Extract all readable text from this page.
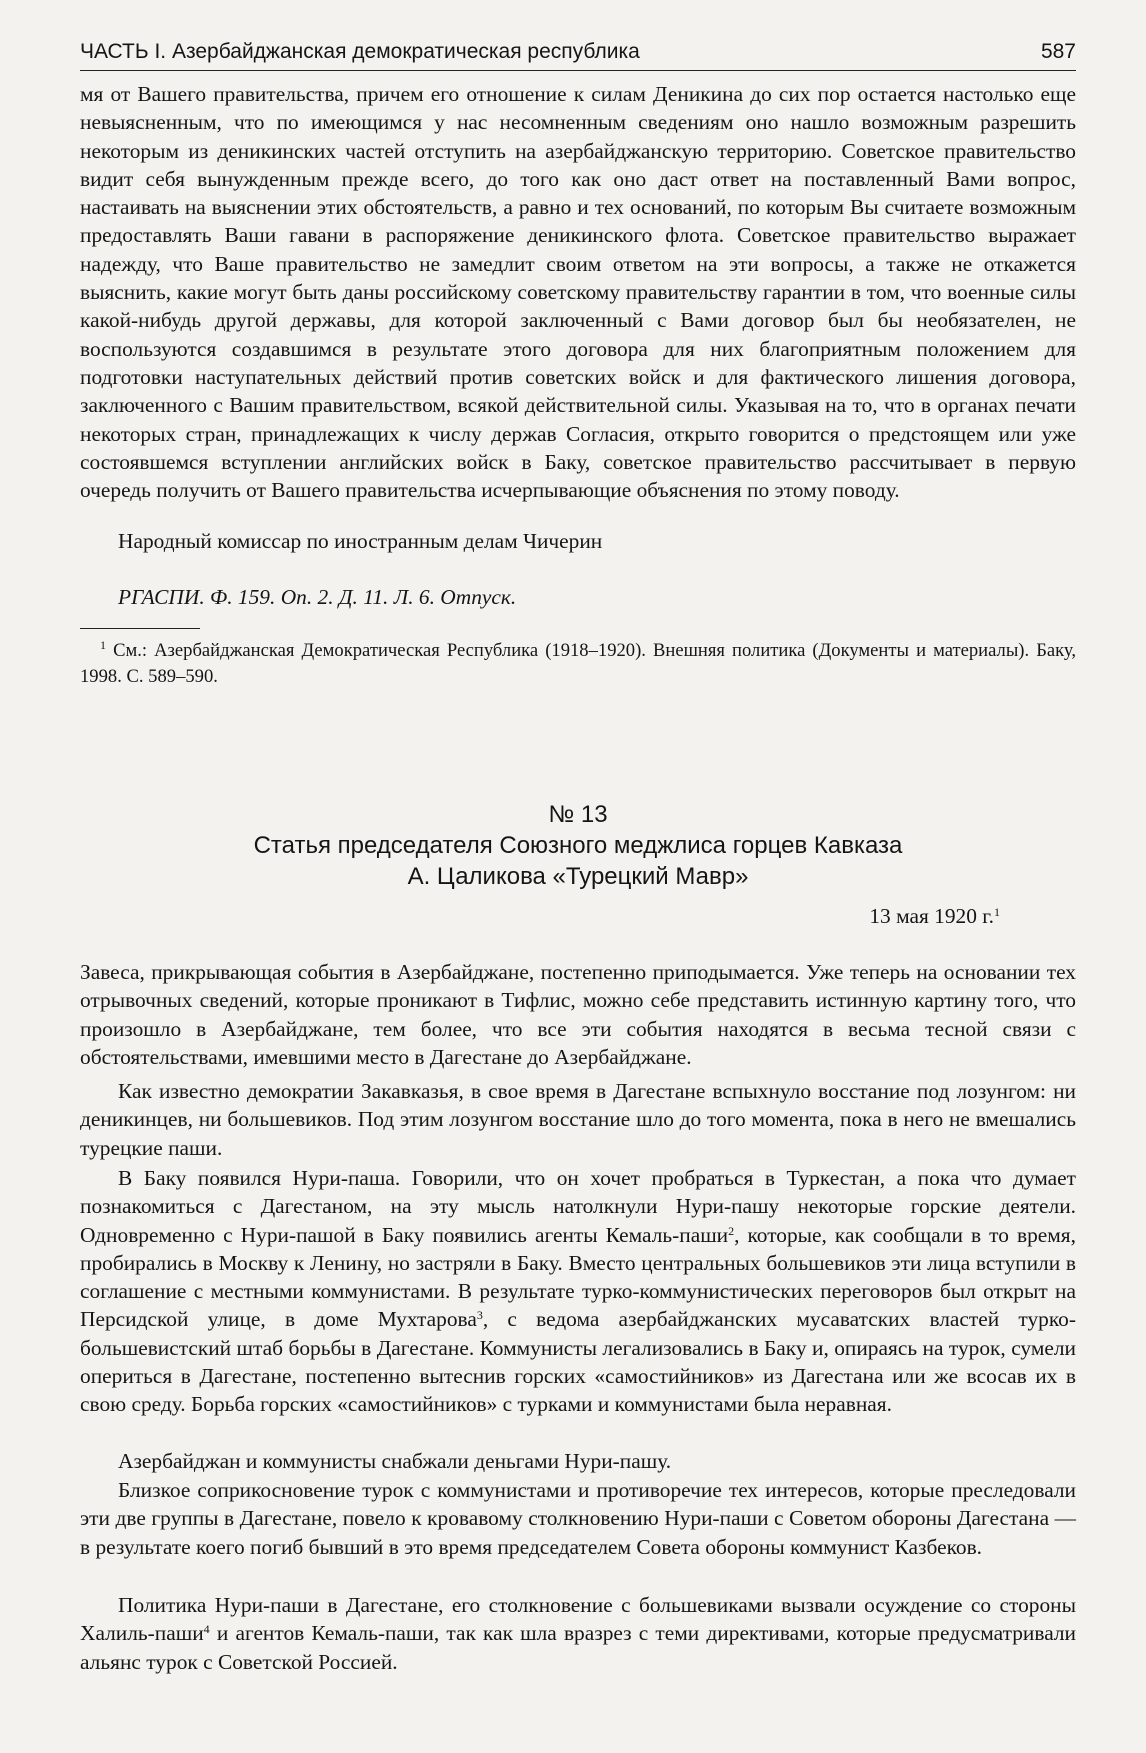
ЧАСТЬ I. Азербайджанская демократическая республика	587

мя от Вашего правительства, причем его отношение к силам Деникина до сих пор остается настолько еще невыясненным, что по имеющимся у нас несомненным сведениям оно нашло возможным разрешить некоторым из деникинских частей отступить на азербайджанскую территорию. Советское правительство видит себя вынужденным прежде всего, до того как оно даст ответ на поставленный Вами вопрос, настаивать на выяснении этих обстоятельств, а равно и тех оснований, по которым Вы считаете возможным предоставлять Ваши гавани в распоряжение деникинского флота. Советское правительство выражает надежду, что Ваше правительство не замедлит своим ответом на эти вопросы, а также не откажется выяснить, какие могут быть даны российскому советскому правительству гарантии в том, что военные силы какой-нибудь другой державы, для которой заключенный с Вами договор был бы необязателен, не воспользуются создавшимся в результате этого договора для них благоприятным положением для подготовки наступательных действий против советских войск и для фактического лишения договора, заключенного с Вашим правительством, всякой действительной силы. Указывая на то, что в органах печати некоторых стран, принадлежащих к числу держав Согласия, открыто говорится о предстоящем или уже состоявшемся вступлении английских войск в Баку, советское правительство рассчитывает в первую очередь получить от Вашего правительства исчерпывающие объяснения по этому поводу.

Народный комиссар по иностранным делам Чичерин

РГАСПИ. Ф. 159. Оп. 2. Д. 11. Л. 6. Отпуск.
$^1$ См.: Азербайджанская Демократическая Республика (1918–1920). Внешняя политика (Документы и материалы). Баку, 1998. С. 589–590.
№ 13
Статья председателя Союзного меджлиса горцев Кавказа
А. Цаликова «Турецкий Мавр»
13 мая 1920 г.$^1$

Завеса, прикрывающая события в Азербайджане, постепенно приподымается. Уже теперь на основании тех отрывочных сведений, которые проникают в Тифлис, можно себе представить истинную картину того, что произошло в Азербайджане, тем более, что все эти события находятся в весьма тесной связи с обстоятельствами, имевшими место в Дагестане до Азербайджане.

Как известно демократии Закавказья, в свое время в Дагестане вспыхнуло восстание под лозунгом: ни деникинцев, ни большевиков. Под этим лозунгом восстание шло до того момента, пока в него не вмешались турецкие паши.

В Баку появился Нури-паша. Говорили, что он хочет пробраться в Туркестан, а пока что думает познакомиться с Дагестаном, на эту мысль натолкнули Нури-пашу некоторые горские деятели. Одновременно с Нури-пашой в Баку появились агенты Кемаль-паши$^2$, которые, как сообщали в то время, пробирались в Москву к Ленину, но застряли в Баку. Вместо центральных большевиков эти лица вступили в соглашение с местными коммунистами. В результате турко-коммунистических переговоров был открыт на Персидской улице, в доме Мухтарова$^3$, с ведома азербайджанских мусаватских властей турко-большевистский штаб борьбы в Дагестане. Коммунисты легализовались в Баку и, опираясь на турок, сумели опериться в Дагестане, постепенно вытеснив горских «самостийников» из Дагестана или же всосав их в свою среду. Борьба горских «самостийников» с турками и коммунистами была неравная.

Азербайджан и коммунисты снабжали деньгами Нури-пашу.

Близкое соприкосновение турок с коммунистами и противоречие тех интересов, которые преследовали эти две группы в Дагестане, повело к кровавому столкновению Нури-паши с Советом обороны Дагестана — в результате коего погиб бывший в это время председателем Совета обороны коммунист Казбеков.

Политика Нури-паши в Дагестане, его столкновение с большевиками вызвали осуждение со стороны Халиль-паши$^4$ и агентов Кемаль-паши, так как шла вразрез с теми директивами, которые предусматривали альянс турок с Советской Россией.
